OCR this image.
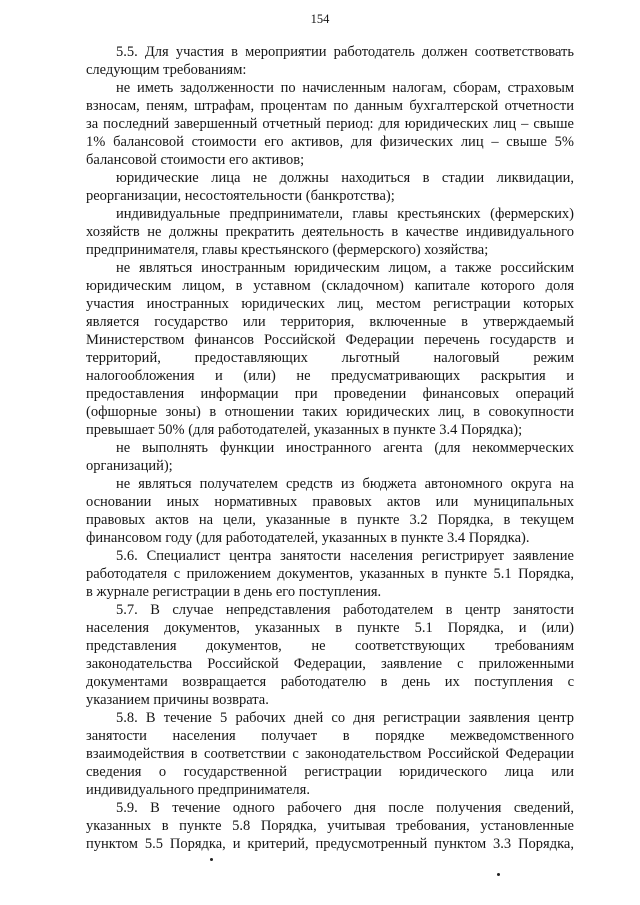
154
5.5. Для участия в мероприятии работодатель должен соответствовать
следующим требованиям:
не иметь задолженности по начисленным налогам, сборам, страховым
взносам, пеням, штрафам, процентам по данным бухгалтерской отчетности
за последний завершенный отчетный период: для юридических лиц – свыше
1% балансовой стоимости его активов, для физических лиц – свыше 5%
балансовой стоимости его активов;
юридические лица не должны находиться в стадии ликвидации,
реорганизации, несостоятельности (банкротства);
индивидуальные предприниматели, главы крестьянских (фермерских)
хозяйств не должны прекратить деятельность в качестве индивидуального
предпринимателя, главы крестьянского (фермерского) хозяйства;
не являться иностранным юридическим лицом, а также российским
юридическим лицом, в уставном (складочном) капитале которого доля
участия иностранных юридических лиц, местом регистрации которых
является государство или территория, включенные в утверждаемый
Министерством финансов Российской Федерации перечень государств и
территорий, предоставляющих льготный налоговый режим
налогообложения и (или) не предусматривающих раскрытия и
предоставления информации при проведении финансовых операций
(офшорные зоны) в отношении таких юридических лиц, в совокупности
превышает 50% (для работодателей, указанных в пункте 3.4 Порядка);
не выполнять функции иностранного агента (для некоммерческих
организаций);
не являться получателем средств из бюджета автономного округа на
основании иных нормативных правовых актов или муниципальных
правовых актов на цели, указанные в пункте 3.2 Порядка, в текущем
финансовом году (для работодателей, указанных в пункте 3.4 Порядка).
5.6. Специалист центра занятости населения регистрирует заявление
работодателя с приложением документов, указанных в пункте 5.1 Порядка,
в журнале регистрации в день его поступления.
5.7. В случае непредставления работодателем в центр занятости
населения документов, указанных в пункте 5.1 Порядка, и (или)
представления документов, не соответствующих требованиям
законодательства Российской Федерации, заявление с приложенными
документами возвращается работодателю в день их поступления с
указанием причины возврата.
5.8. В течение 5 рабочих дней со дня регистрации заявления центр
занятости населения получает в порядке межведомственного
взаимодействия в соответствии с законодательством Российской Федерации
сведения о государственной регистрации юридического лица или
индивидуального предпринимателя.
5.9. В течение одного рабочего дня после получения сведений,
указанных в пункте 5.8 Порядка, учитывая требования, установленные
пунктом 5.5 Порядка, и критерий, предусмотренный пунктом 3.3 Порядка,
